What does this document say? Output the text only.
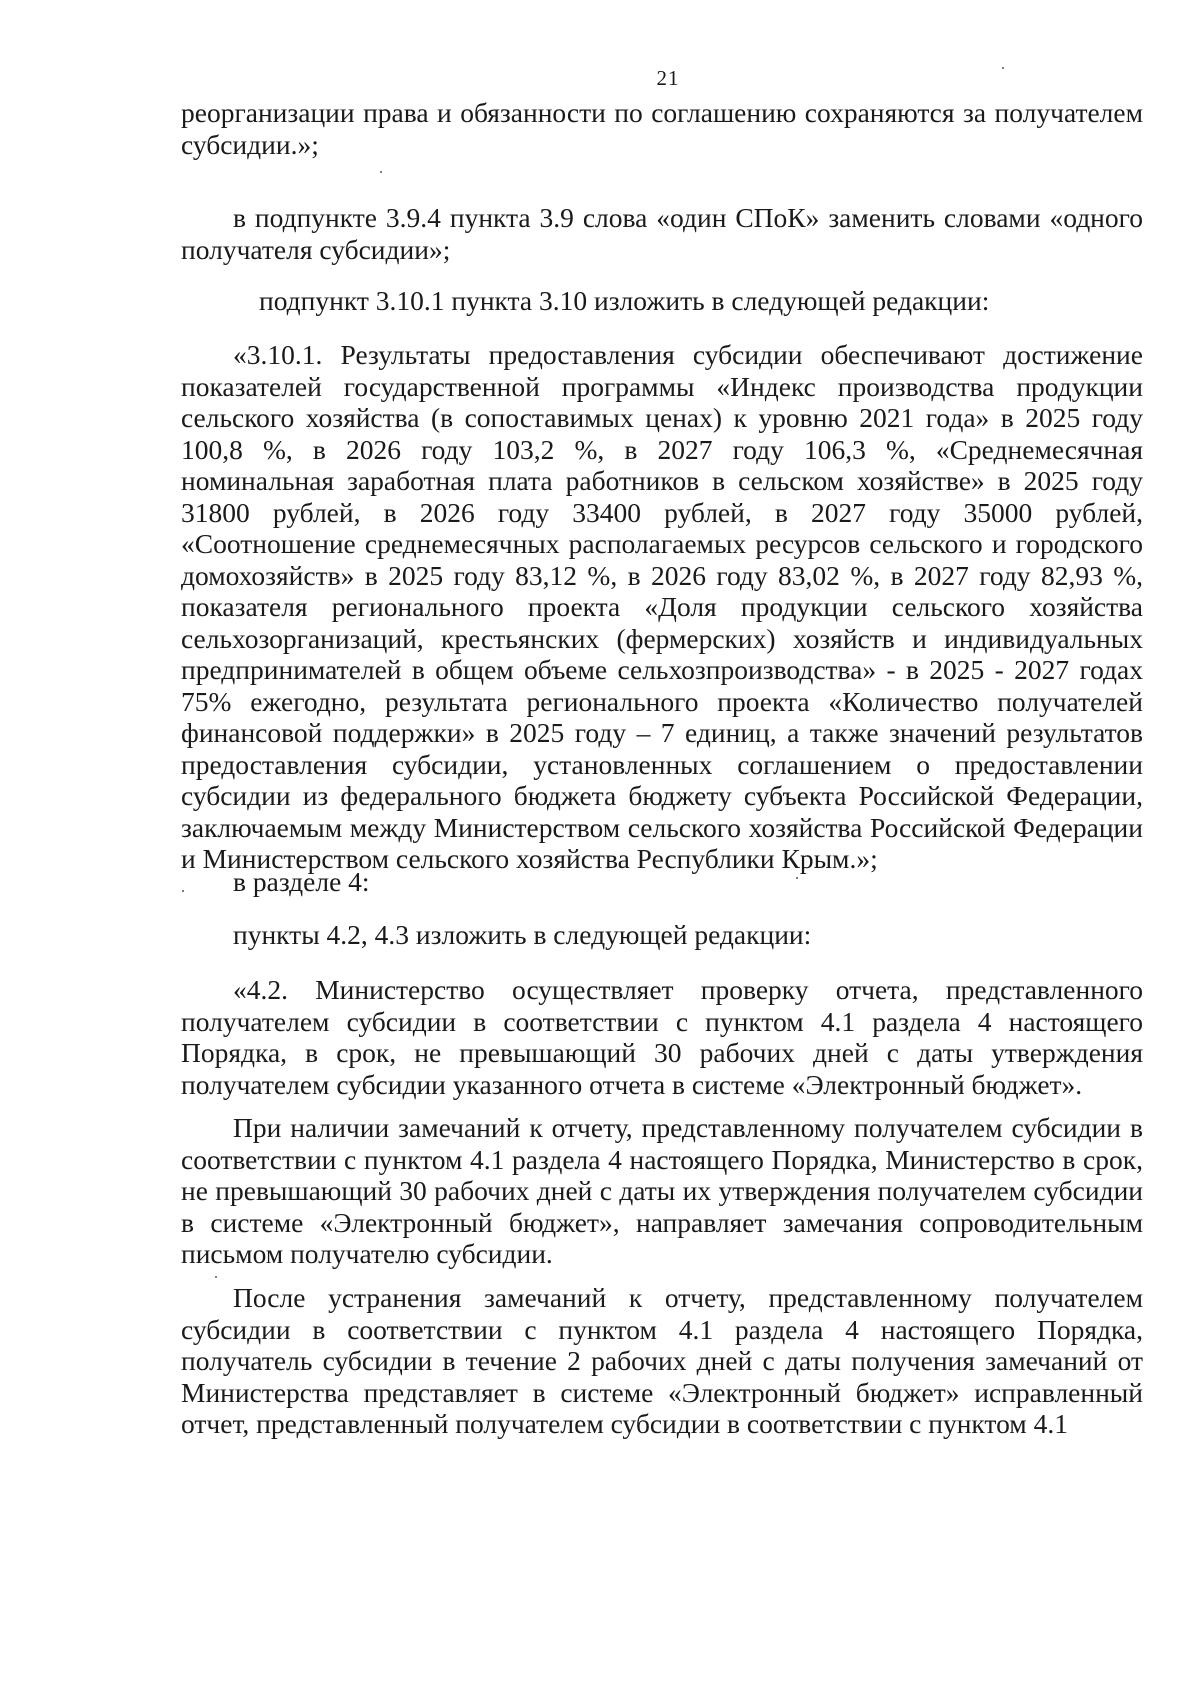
21

реорганизации права и обязанности по соглашению сохраняются за получателем субсидии.»;

в подпункте 3.9.4 пункта 3.9 слова «один СПоК» заменить словами «одного получателя субсидии»;

подпункт 3.10.1 пункта 3.10 изложить в следующей редакции:

«3.10.1. Результаты предоставления субсидии обеспечивают достижение показателей государственной программы «Индекс производства продукции сельского хозяйства (в сопоставимых ценах) к уровню 2021 года» в 2025 году 100,8 %, в 2026 году 103,2 %, в 2027 году 106,3 %, «Среднемесячная номинальная заработная плата работников в сельском хозяйстве» в 2025 году 31800 рублей, в 2026 году 33400 рублей, в 2027 году 35000 рублей, «Соотношение среднемесячных располагаемых ресурсов сельского и городского домохозяйств» в 2025 году 83,12 %, в 2026 году 83,02 %, в 2027 году 82,93 %, показателя регионального проекта «Доля продукции сельского хозяйства сельхозорганизаций, крестьянских (фермерских) хозяйств и индивидуальных предпринимателей в общем объеме сельхозпроизводства» - в 2025 - 2027 годах 75% ежегодно, результата регионального проекта «Количество получателей финансовой поддержки» в 2025 году – 7 единиц, а также значений результатов предоставления субсидии, установленных соглашением о предоставлении субсидии из федерального бюджета бюджету субъекта Российской Федерации, заключаемым между Министерством сельского хозяйства Российской Федерации и Министерством сельского хозяйства Республики Крым.»;

в разделе 4:

пункты 4.2, 4.3 изложить в следующей редакции:

«4.2. Министерство осуществляет проверку отчета, представленного получателем субсидии в соответствии с пунктом 4.1 раздела 4 настоящего Порядка, в срок, не превышающий 30 рабочих дней с даты утверждения получателем субсидии указанного отчета в системе «Электронный бюджет».

При наличии замечаний к отчету, представленному получателем субсидии в соответствии с пунктом 4.1 раздела 4 настоящего Порядка, Министерство в срок, не превышающий 30 рабочих дней с даты их утверждения получателем субсидии в системе «Электронный бюджет», направляет замечания сопроводительным письмом получателю субсидии.

После устранения замечаний к отчету, представленному получателем субсидии в соответствии с пунктом 4.1 раздела 4 настоящего Порядка, получатель субсидии в течение 2 рабочих дней с даты получения замечаний от Министерства представляет в системе «Электронный бюджет» исправленный отчет, представленный получателем субсидии в соответствии с пунктом 4.1
